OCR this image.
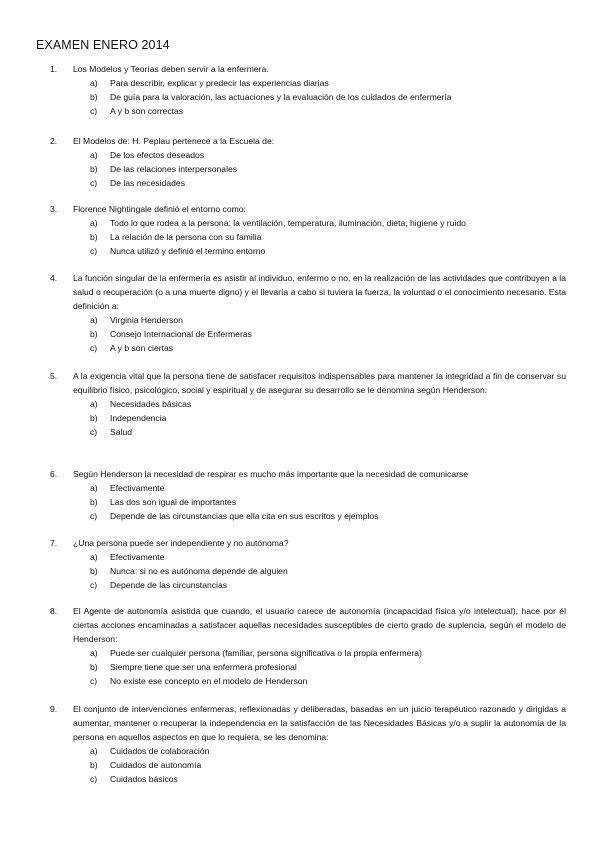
EXAMEN ENERO 2014
1.	Los Modelos y Teorías deben servir a la enfermera.
a)	Para describir, explicar y predecir las experiencias diarias
b)	De guía para la valoración, las actuaciones y la evaluación de los cuidados de enfermería
c)	A y b son correctas
2.	El Modelos de: H. Peplau pertenece a la Escuela de:
a)	De los efectos deseados
b)	De las relaciones interpersonales
c)	De las necesidades
3.	Florence Nightingale definió el entorno como:
a)	Todo lo que rodea a la persona: la ventilación, temperatura, iluminación, dieta, higiene y ruido
b)	La relación de la persona con su familia
c)	Nunca utilizó y definió el termino entorno
4.	La función singular de la enfermería es asistir al individuo, enfermo o no, en la realización de las actividades que contribuyen a la salud o recuperación (o a una muerte digno) y el llevaría a cabo si tuviera la fuerza, la voluntad o el conocimiento necesario. Esta definición a:
a)	Virginia Henderson
b)	Consejo Internacional de Enfermeras
c)	A y b son ciertas
5.	A la exigencia vital que la persona tiene de satisfacer requisitos indispensables para mantener la integridad a fin de conservar su equilibrio físico, psicológico, social y espiritual y de asegurar su desarrollo se le denomina según Henderson:
a)	Necesidades básicas
b)	Independencia
c)	Salud
6.	Según Henderson la necesidad de respirar es mucho más importante que la necesidad de comunicarse
a)	Efectivamente
b)	Las dos son igual de importantes
c)	Depende de las circunstancias que ella cita en sus escritos y ejemplos
7.	¿Una persona puede ser independiente y no autónoma?
a)	Efectivamente
b)	Nunca: si no es autónoma depende de alguien
c)	Depende de las circunstancias
8.	El Agente de autonomía asistida que cuando, el usuario carece de autonomía (incapacidad física y/o intelectual), hace por él ciertas acciones encaminadas a satisfacer aquellas necesidades susceptibles de cierto grado de suplencia, según el modelo de Henderson:
a)	Puede ser cualquier persona (familiar, persona significativa o la propia enfermera)
b)	Siempre tiene que ser una enfermera profesional
c)	No existe ese concepto en el modelo de Henderson
9.	El conjunto de intervenciones enfermeras, reflexionadas y deliberadas, basadas en un juicio terapéutico razonado y dirigidas a aumentar, mantener o recuperar la independencia en la satisfacción de las Necesidades Básicas y/o a suplir la autonomía de la persona en aquellos aspectos en que lo requiera, se les denomina:
a)	Cuidados de colaboración
b)	Cuidados de autonomía
c)	Cuidados básicos
